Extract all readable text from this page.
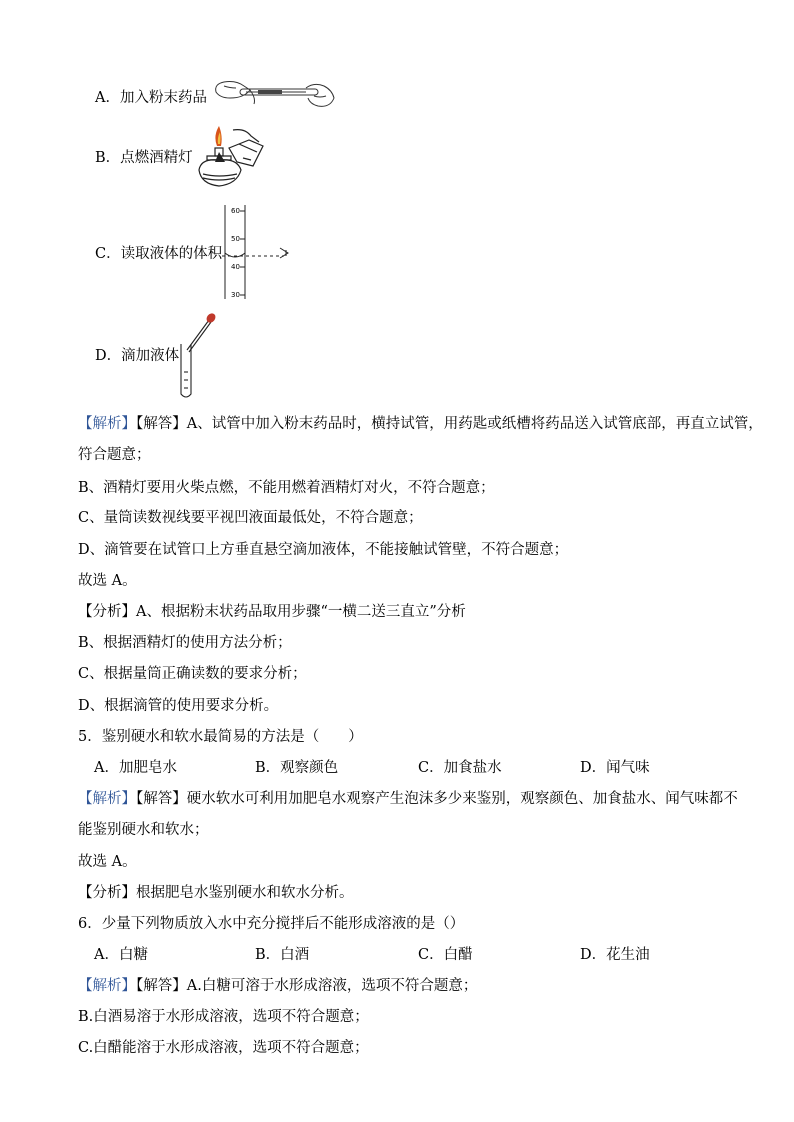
A．加入粉末药品
B．点燃酒精灯
C．读取液体的体积
60
50
40
30
D．滴加液体
【解析】【解答】A、试管中加入粉末药品时，横持试管，用药匙或纸槽将药品送入试管底部，再直立试管，
符合题意；
B、酒精灯要用火柴点燃，不能用燃着酒精灯对火，不符合题意；
C、量筒读数视线要平视凹液面最低处，不符合题意；
D、滴管要在试管口上方垂直悬空滴加液体，不能接触试管壁，不符合题意；
故选 A。
【分析】A、根据粉末状药品取用步骤“一横二送三直立”分析
B、根据酒精灯的使用方法分析；
C、根据量筒正确读数的要求分析；
D、根据滴管的使用要求分析。
5．鉴别硬水和软水最简易的方法是（　　）
A．加肥皂水	B．观察颜色	C．加食盐水	D．闻气味
【解析】【解答】硬水软水可利用加肥皂水观察产生泡沫多少来鉴别，观察颜色、加食盐水、闻气味都不
能鉴别硬水和软水；
故选 A。
【分析】根据肥皂水鉴别硬水和软水分析。
6．少量下列物质放入水中充分搅拌后不能形成溶液的是（）
A．白糖	B．白酒	C．白醋	D．花生油
【解析】【解答】A.白糖可溶于水形成溶液，选项不符合题意；
B.白酒易溶于水形成溶液，选项不符合题意；
C.白醋能溶于水形成溶液，选项不符合题意；
